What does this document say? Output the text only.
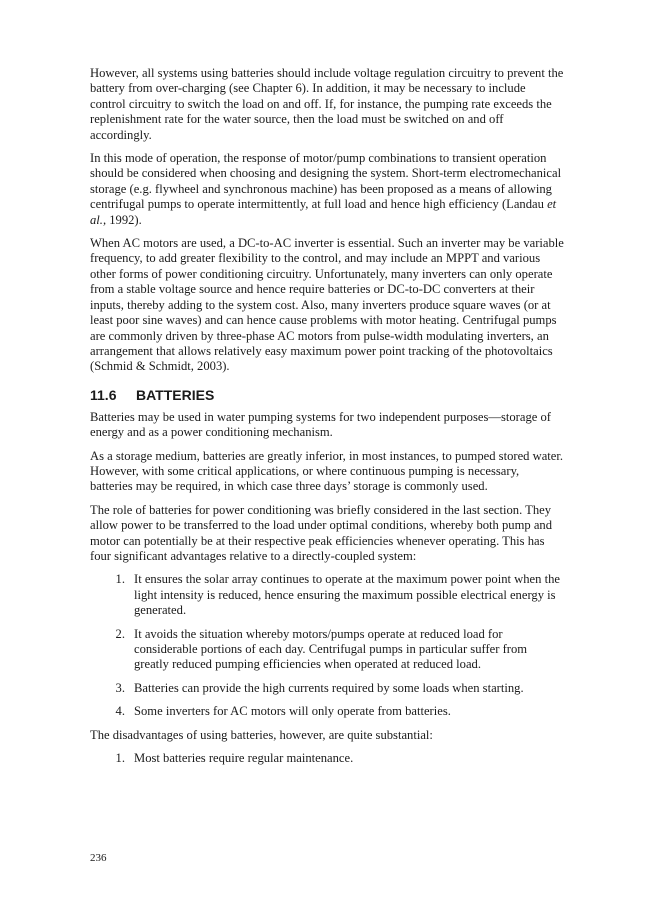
However, all systems using batteries should include voltage regulation circuitry to prevent the battery from over-charging (see Chapter 6). In addition, it may be necessary to include control circuitry to switch the load on and off. If, for instance, the pumping rate exceeds the replenishment rate for the water source, then the load must be switched on and off accordingly.

In this mode of operation, the response of motor/pump combinations to transient operation should be considered when choosing and designing the system. Short-term electromechanical storage (e.g. flywheel and synchronous machine) has been proposed as a means of allowing centrifugal pumps to operate intermittently, at full load and hence high efficiency (Landau et al., 1992).

When AC motors are used, a DC-to-AC inverter is essential. Such an inverter may be variable frequency, to add greater flexibility to the control, and may include an MPPT and various other forms of power conditioning circuitry. Unfortunately, many inverters can only operate from a stable voltage source and hence require batteries or DC-to-DC converters at their inputs, thereby adding to the system cost. Also, many inverters produce square waves (or at least poor sine waves) and can hence cause problems with motor heating. Centrifugal pumps are commonly driven by three-phase AC motors from pulse-width modulating inverters, an arrangement that allows relatively easy maximum power point tracking of the photovoltaics (Schmid & Schmidt, 2003).

11.6	BATTERIES

Batteries may be used in water pumping systems for two independent purposes—storage of energy and as a power conditioning mechanism.

As a storage medium, batteries are greatly inferior, in most instances, to pumped stored water. However, with some critical applications, or where continuous pumping is necessary, batteries may be required, in which case three days’ storage is commonly used.

The role of batteries for power conditioning was briefly considered in the last section. They allow power to be transferred to the load under optimal conditions, whereby both pump and motor can potentially be at their respective peak efficiencies whenever operating. This has four significant advantages relative to a directly-coupled system:

1. It ensures the solar array continues to operate at the maximum power point when the light intensity is reduced, hence ensuring the maximum possible electrical energy is generated.
2. It avoids the situation whereby motors/pumps operate at reduced load for considerable portions of each day. Centrifugal pumps in particular suffer from greatly reduced pumping efficiencies when operated at reduced load.
3. Batteries can provide the high currents required by some loads when starting.
4. Some inverters for AC motors will only operate from batteries.

The disadvantages of using batteries, however, are quite substantial:

1. Most batteries require regular maintenance.
236
